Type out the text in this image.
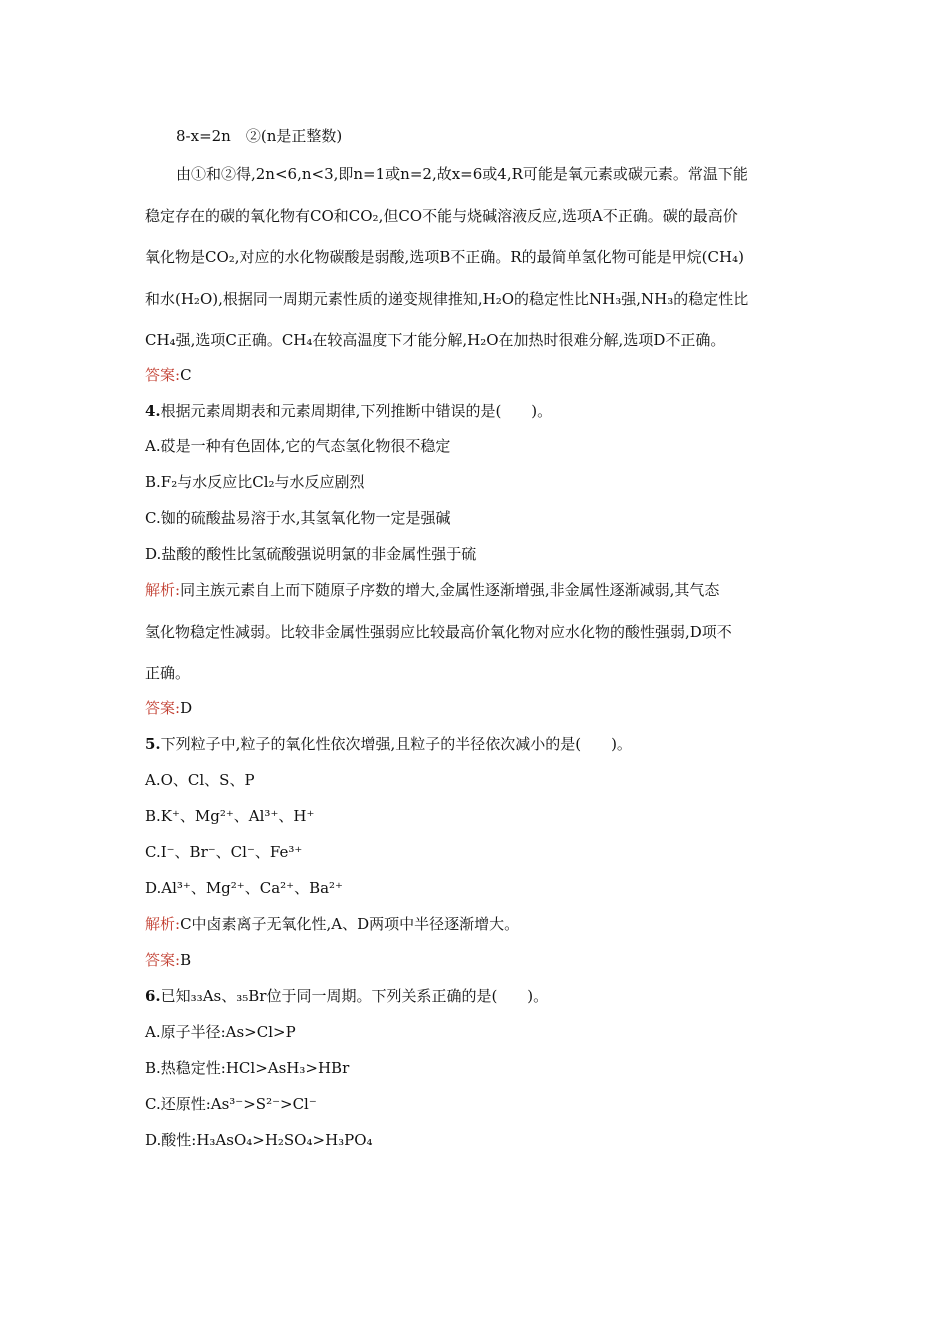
8-x=2n　②(n是正整数)
由①和②得,2n<6,n<3,即n=1或n=2,故x=6或4,R可能是氧元素或碳元素。常温下能
稳定存在的碳的氧化物有CO和CO₂,但CO不能与烧碱溶液反应,选项A不正确。碳的最高价
氧化物是CO₂,对应的水化物碳酸是弱酸,选项B不正确。R的最简单氢化物可能是甲烷(CH₄)
和水(H₂O),根据同一周期元素性质的递变规律推知,H₂O的稳定性比NH₃强,NH₃的稳定性比
CH₄强,选项C正确。CH₄在较高温度下才能分解,H₂O在加热时很难分解,选项D不正确。
答案:C
4.根据元素周期表和元素周期律,下列推断中错误的是(　　)。
A.砹是一种有色固体,它的气态氢化物很不稳定
B.F₂与水反应比Cl₂与水反应剧烈
C.铷的硫酸盐易溶于水,其氢氧化物一定是强碱
D.盐酸的酸性比氢硫酸强说明氯的非金属性强于硫
解析:同主族元素自上而下随原子序数的增大,金属性逐渐增强,非金属性逐渐减弱,其气态
氢化物稳定性减弱。比较非金属性强弱应比较最高价氧化物对应水化物的酸性强弱,D项不
正确。
答案:D
5.下列粒子中,粒子的氧化性依次增强,且粒子的半径依次减小的是(　　)。
A.O、Cl、S、P
B.K⁺、Mg²⁺、Al³⁺、H⁺
C.I⁻、Br⁻、Cl⁻、Fe³⁺
D.Al³⁺、Mg²⁺、Ca²⁺、Ba²⁺
解析:C中卤素离子无氧化性,A、D两项中半径逐渐增大。
答案:B
6.已知₃₃As、₃₅Br位于同一周期。下列关系正确的是(　　)。
A.原子半径:As>Cl>P
B.热稳定性:HCl>AsH₃>HBr
C.还原性:As³⁻>S²⁻>Cl⁻
D.酸性:H₃AsO₄>H₂SO₄>H₃PO₄
